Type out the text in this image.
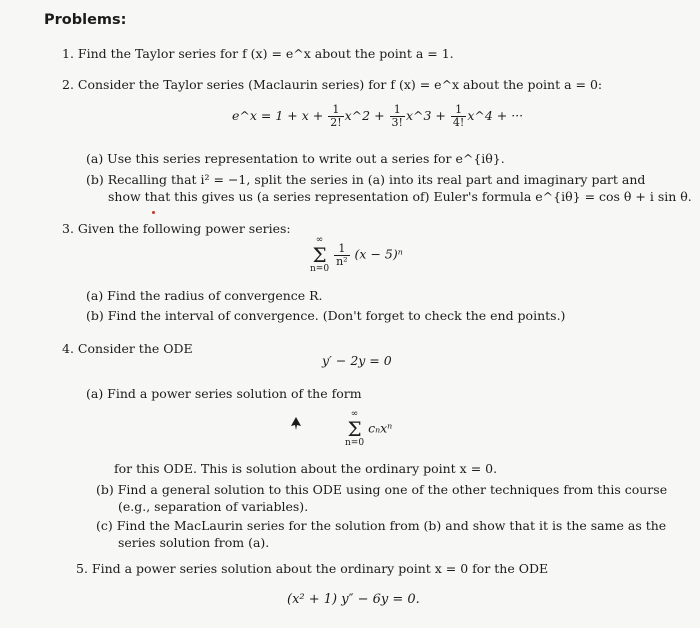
Problems:
1. Find the Taylor series for f (x) = e^x about the point a = 1.
2. Consider the Taylor series (Maclaurin series) for f (x) = e^x about the point a = 0:
e^x = $1 + x + \frac{1}{2!}$ x^2 + $\frac{1}{3!}$ x^3 + $\frac{1}{4!}$ x^4 + ···
(a) Use this series representation to write out a series for e^{iθ}.
(b) Recalling that i² = −1, split the series in (a) into its real part and imaginary part and
show that this gives us (a series representation of) Euler's formula e^{iθ} = cos θ + i sin θ.
3. Given the following power series:
∞
Σ
n=0

$\frac{1}{\text{n²}} (x - 5)^n$
(a) Find the radius of convergence R.
(b) Find the interval of convergence. (Don't forget to check the end points.)
4. Consider the ODE
y′ − 2y = 0
(a) Find a power series solution of the form
∞
Σ
n=0
cₙxⁿ
for this ODE. This is solution about the ordinary point x = 0.
(b) Find a general solution to this ODE using one of the other techniques from this course
(e.g., separation of variables).
(c) Find the MacLaurin series for the solution from (b) and show that it is the same as the
series solution from (a).
5. Find a power series solution about the ordinary point x = 0 for the ODE
(x² + 1) y″ − 6y = 0.
